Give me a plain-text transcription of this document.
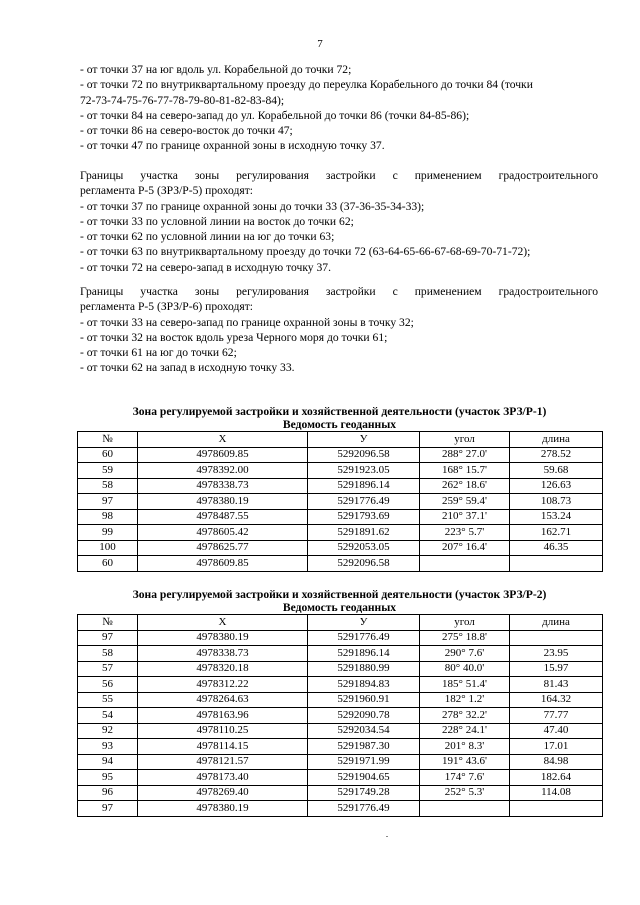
7
- от точки 37 на юг вдоль ул. Корабельной до точки 72;
- от точки 72 по внутриквартальному проезду до переулка Корабельного до точки 84 (точки
72-73-74-75-76-77-78-79-80-81-82-83-84);
- от точки 84 на северо-запад до ул. Корабельной до точки 86 (точки 84-85-86);
- от точки 86 на северо-восток до точки 47;
- от точки 47 по границе охранной зоны в исходную точку 37.
Границы участка зоны регулирования застройки с применением градостроительного
регламента Р-5 (ЗРЗ/Р-5) проходят:
- от точки 37 по границе охранной зоны до точки 33 (37-36-35-34-33);
- от точки 33 по условной линии на восток до точки 62;
- от точки 62 по условной линии на юг до точки 63;
- от точки 63 по внутриквартальному проезду до точки 72 (63-64-65-66-67-68-69-70-71-72);
- от точки 72 на северо-запад в исходную точку 37.
Границы участка зоны регулирования застройки с применением градостроительного
регламента Р-5 (ЗРЗ/Р-6) проходят:
- от точки 33 на северо-запад по границе охранной зоны в точку 32;
- от точки 32 на восток вдоль уреза Черного моря до точки 61;
- от точки 61 на юг до точки 62;
- от точки 62 на запад в исходную точку 33.
Зона регулируемой застройки и хозяйственной деятельности (участок ЗРЗ/Р-1)
Ведомость геоданных
№	Х	У	угол	длина
60	4978609.85	5292096.58	288° 27.0'	278.52
59	4978392.00	5291923.05	168° 15.7'	59.68
58	4978338.73	5291896.14	262° 18.6'	126.63
97	4978380.19	5291776.49	259° 59.4'	108.73
98	4978487.55	5291793.69	210° 37.1'	153.24
99	4978605.42	5291891.62	223° 5.7'	162.71
100	4978625.77	5292053.05	207° 16.4'	46.35
60	4978609.85	5292096.58		
Зона регулируемой застройки и хозяйственной деятельности (участок ЗРЗ/Р-2)
Ведомость геоданных
№	Х	У	угол	длина
97	4978380.19	5291776.49	275° 18.8'	
58	4978338.73	5291896.14	290° 7.6'	23.95
57	4978320.18	5291880.99	80° 40.0'	15.97
56	4978312.22	5291894.83	185° 51.4'	81.43
55	4978264.63	5291960.91	182° 1.2'	164.32
54	4978163.96	5292090.78	278° 32.2'	77.77
92	4978110.25	5292034.54	228° 24.1'	47.40
93	4978114.15	5291987.30	201° 8.3'	17.01
94	4978121.57	5291971.99	191° 43.6'	84.98
95	4978173.40	5291904.65	174° 7.6'	182.64
96	4978269.40	5291749.28	252° 5.3'	114.08
97	4978380.19	5291776.49		
